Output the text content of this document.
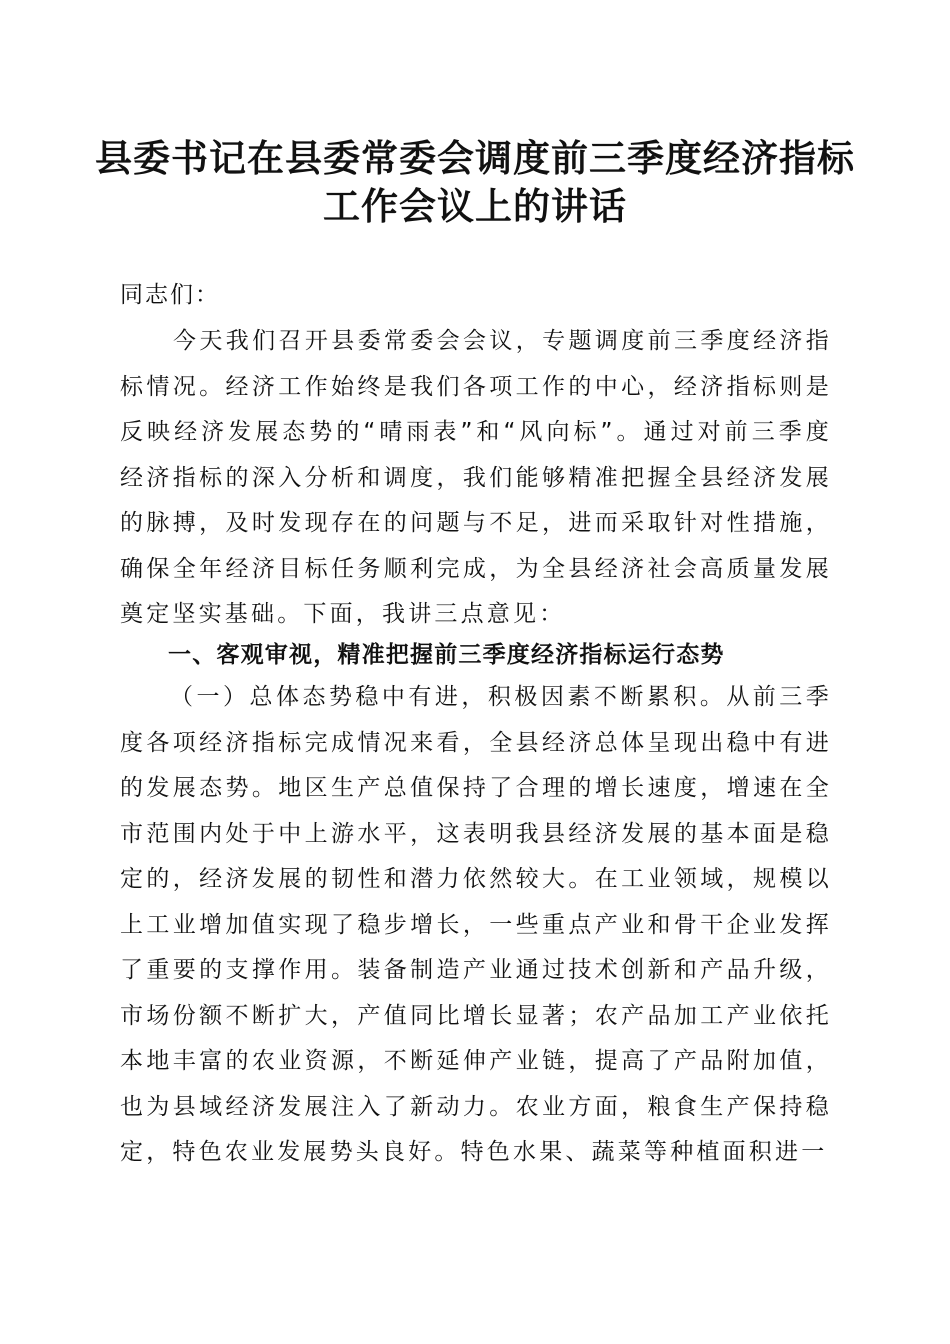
县委书记在县委常委会调度前三季度经济指标
工作会议上的讲话

同志们：

今天我们召开县委常委会会议，专题调度前三季度经济指标情况。经济工作始终是我们各项工作的中心，经济指标则是反映经济发展态势的“晴雨表”和“风向标”。通过对前三季度经济指标的深入分析和调度，我们能够精准把握全县经济发展的脉搏，及时发现存在的问题与不足，进而采取针对性措施，确保全年经济目标任务顺利完成，为全县经济社会高质量发展奠定坚实基础。下面，我讲三点意见：

一、客观审视，精准把握前三季度经济指标运行态势

（一）总体态势稳中有进，积极因素不断累积。从前三季度各项经济指标完成情况来看，全县经济总体呈现出稳中有进的发展态势。地区生产总值保持了合理的增长速度，增速在全市范围内处于中上游水平，这表明我县经济发展的基本面是稳定的，经济发展的韧性和潜力依然较大。在工业领域，规模以上工业增加值实现了稳步增长，一些重点产业和骨干企业发挥了重要的支撑作用。装备制造产业通过技术创新和产品升级，市场份额不断扩大，产值同比增长显著；农产品加工产业依托本地丰富的农业资源，不断延伸产业链，提高了产品附加值，也为县域经济发展注入了新动力。农业方面，粮食生产保持稳定，特色农业发展势头良好。特色水果、蔬菜等种植面积进一
